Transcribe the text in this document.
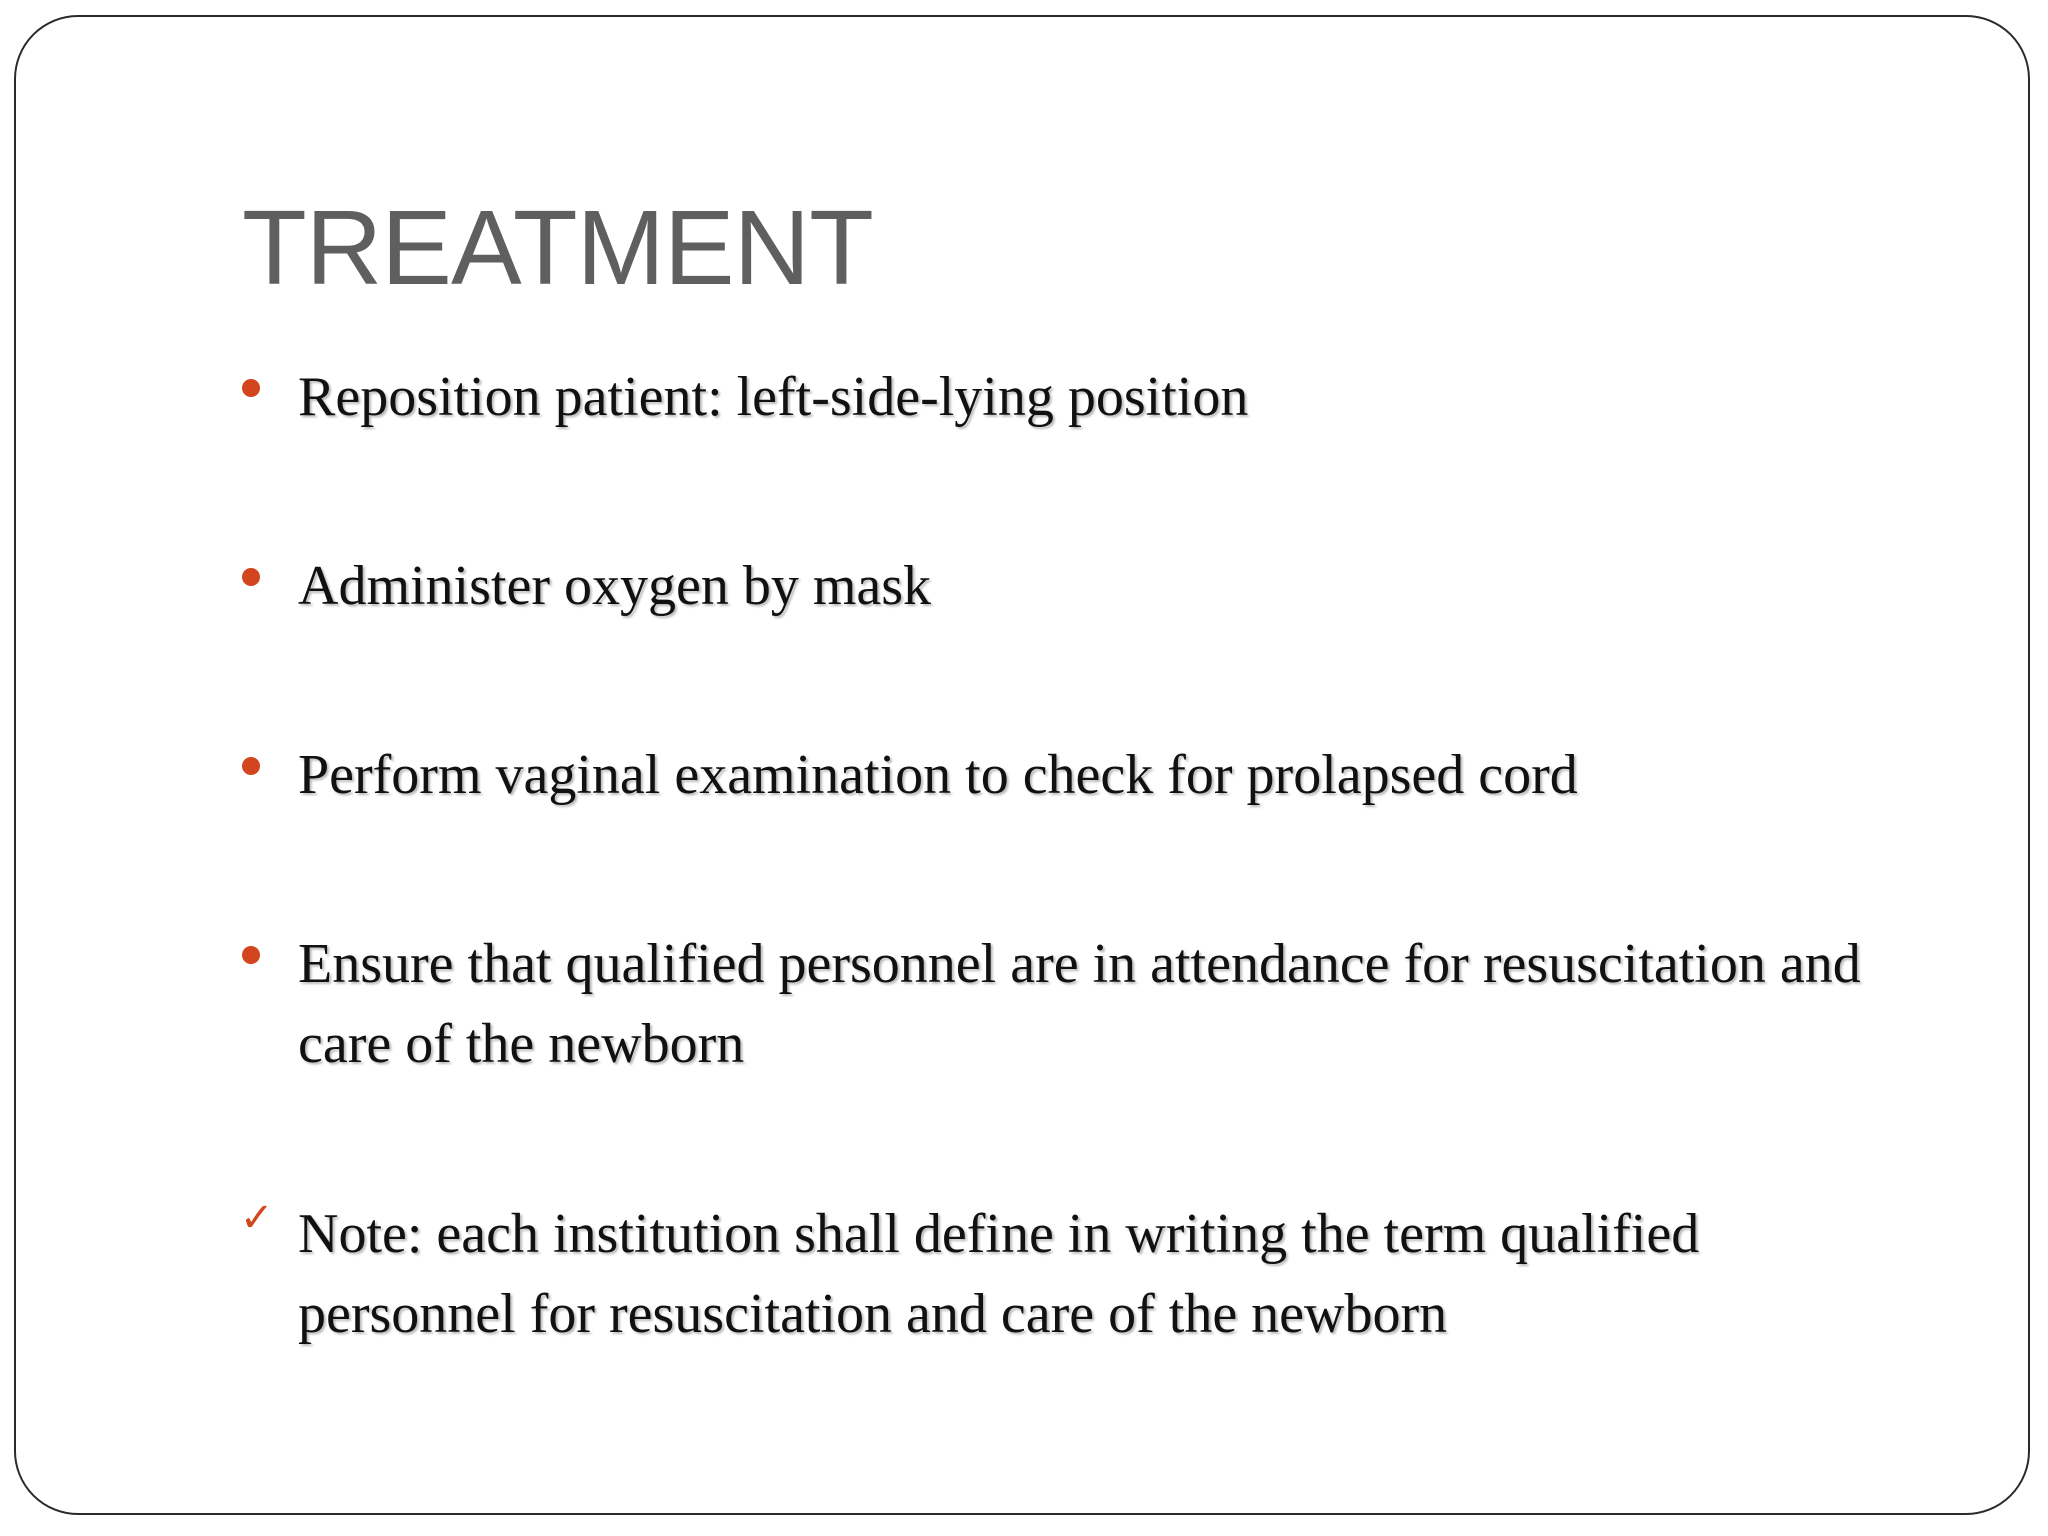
TREATMENT
Reposition patient: left-side-lying position
Administer oxygen by mask
Perform vaginal examination to check for prolapsed cord
Ensure that qualified personnel are in attendance for resuscitation and care of the newborn
✓ Note: each institution shall define in writing the term qualified personnel for resuscitation and care of the newborn
